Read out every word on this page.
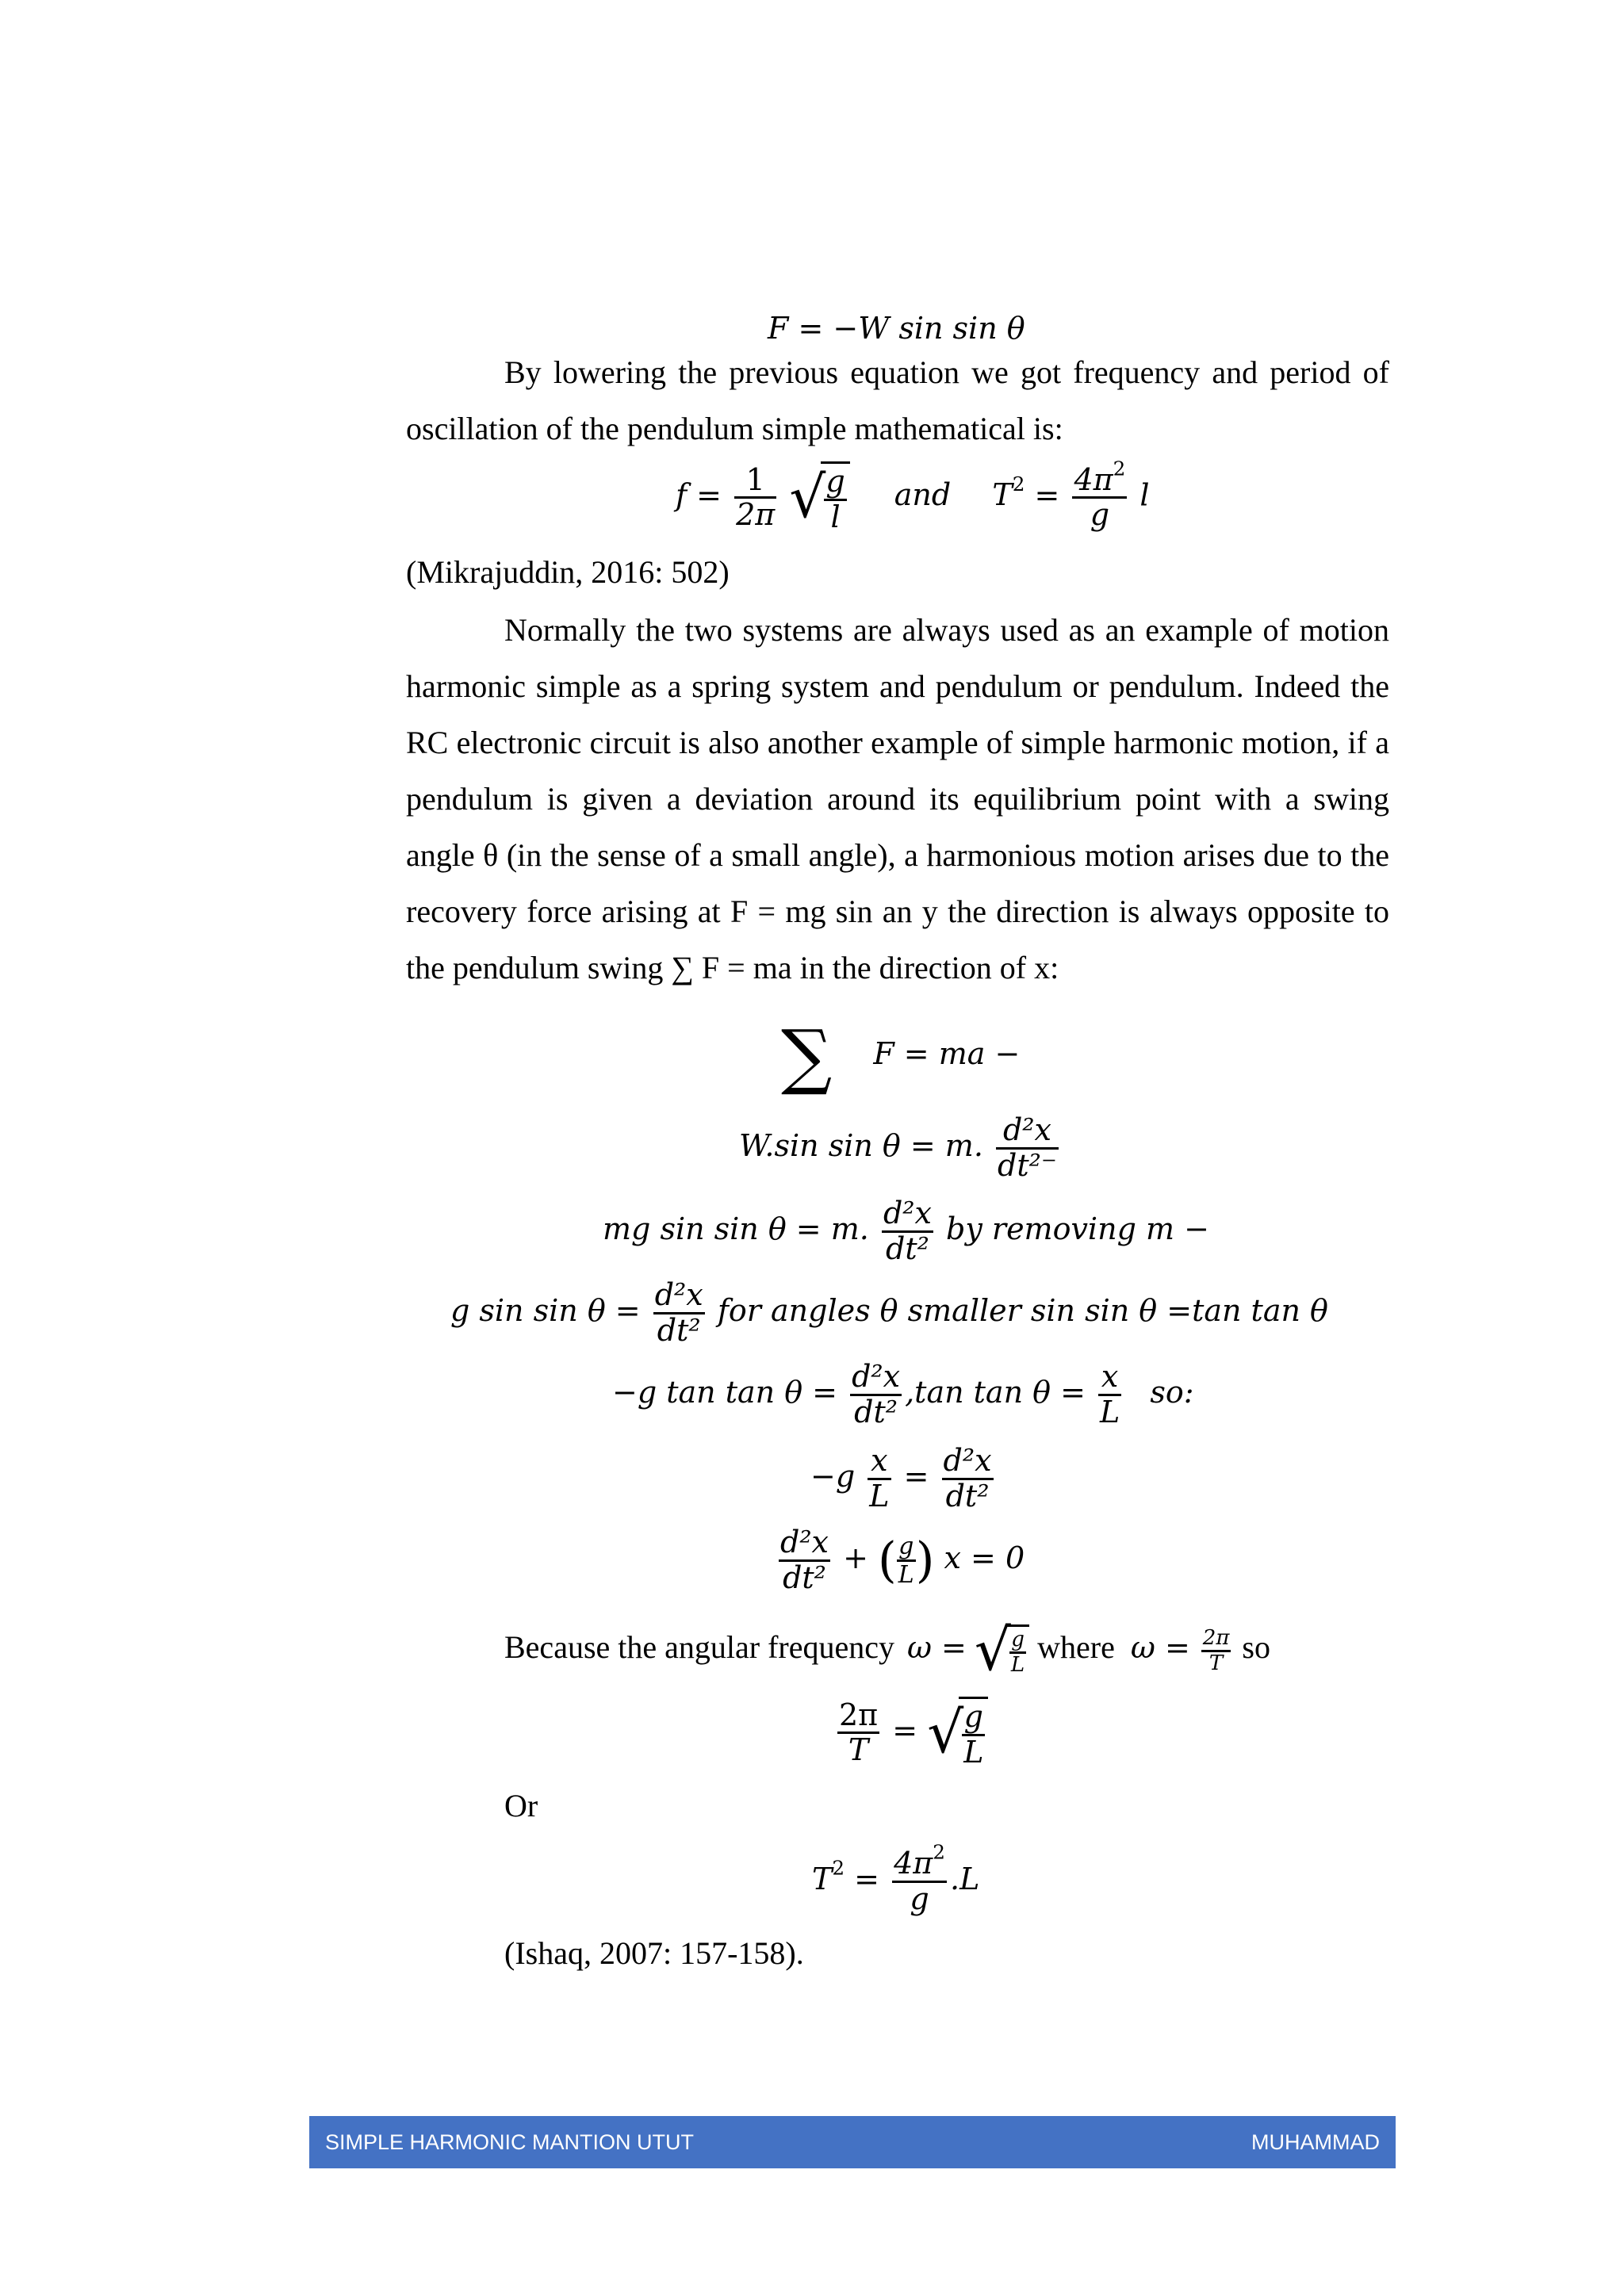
F = −W sin sin θ

By lowering the previous equation we got frequency and period of oscillation of the pendulum simple mathematical is:

$f = \frac{1}{2\pi}$ √
$\frac{g}{l}$ and $T^2 = \frac{4\pi^2}{g}$ l
(Mikrajuddin, 2016: 502)

Normally the two systems are always used as an example of motion harmonic simple as a spring system and pendulum or pendulum. Indeed the RC electronic circuit is also another example of simple harmonic motion, if a pendulum is given a deviation around its equilibrium point with a swing angle θ (in the sense of a small angle), a harmonious motion arises due to the recovery force arising at F = mg sin an y the direction is always opposite to the pendulum swing ∑ F = ma in the direction of x:

∑ F = ma −
W.sin sin θ = m. $\frac{\text{d²x}}{\text{dt²⁻}}$
mg sin sin θ = m. $\frac{\text{d²x}}{\text{dt²}}$ by removing m −
g $\sin \sin \theta = \frac{\text{d²x}}{\text{dt²}}$ for angles θ smaller sin sin θ =tan tan θ
−g $\tan \tan \theta = \frac{\text{d²x}}{\text{dt²}} ,\tan$ $\tan \theta = \frac{x}{L}$ so:
$-g \frac{x}{L} = \frac{\text{d²x}}{\text{dt²}}$
$\frac{\text{d²x}}{\text{dt²}}$ + ( $\frac{g}{L}$ ) x = 0
Because the angular frequency ω = √
$\frac{g}{L}$ where $\omega = \frac{2\pi}{T}$ so
$\frac{2\pi}{T}$ = √
$\frac{g}{L}$
Or
$T^2 = \frac{4\pi^2}{g} .L$
(Ishaq, 2007: 157-158).
SIMPLE HARMONIC MANTION UTUT	MUHAMMAD
